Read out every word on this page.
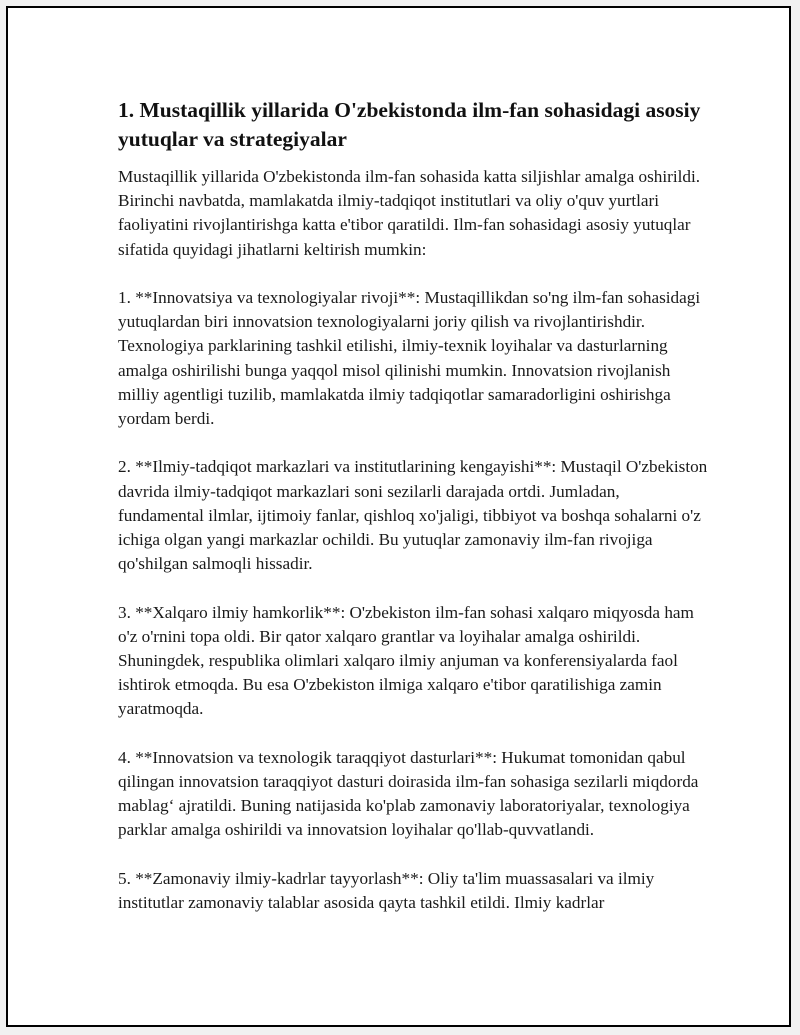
1. Mustaqillik yillarida O'zbekistonda ilm-fan sohasidagi asosiy yutuqlar va strategiyalar

Mustaqillik yillarida O'zbekistonda ilm-fan sohasida katta siljishlar amalga oshirildi. Birinchi navbatda, mamlakatda ilmiy-tadqiqot institutlari va oliy o'quv yurtlari faoliyatini rivojlantirishga katta e'tibor qaratildi. Ilm-fan sohasidagi asosiy yutuqlar sifatida quyidagi jihatlarni keltirish mumkin:

1. **Innovatsiya va texnologiyalar rivoji**: Mustaqillikdan so'ng ilm-fan sohasidagi yutuqlardan biri innovatsion texnologiyalarni joriy qilish va rivojlantirishdir. Texnologiya parklarining tashkil etilishi, ilmiy-texnik loyihalar va dasturlarning amalga oshirilishi bunga yaqqol misol qilinishi mumkin. Innovatsion rivojlanish milliy agentligi tuzilib, mamlakatda ilmiy tadqiqotlar samaradorligini oshirishga yordam berdi.

2. **Ilmiy-tadqiqot markazlari va institutlarining kengayishi**: Mustaqil O'zbekiston davrida ilmiy-tadqiqot markazlari soni sezilarli darajada ortdi. Jumladan, fundamental ilmlar, ijtimoiy fanlar, qishloq xo'jaligi, tibbiyot va boshqa sohalarni o'z ichiga olgan yangi markazlar ochildi. Bu yutuqlar zamonaviy ilm-fan rivojiga qo'shilgan salmoqli hissadir.

3. **Xalqaro ilmiy hamkorlik**: O'zbekiston ilm-fan sohasi xalqaro miqyosda ham o'z o'rnini topa oldi. Bir qator xalqaro grantlar va loyihalar amalga oshirildi. Shuningdek, respublika olimlari xalqaro ilmiy anjuman va konferensiyalarda faol ishtirok etmoqda. Bu esa O'zbekiston ilmiga xalqaro e'tibor qaratilishiga zamin yaratmoqda.

4. **Innovatsion va texnologik taraqqiyot dasturlari**: Hukumat tomonidan qabul qilingan innovatsion taraqqiyot dasturi doirasida ilm-fan sohasiga sezilarli miqdorda mablag‘ ajratildi. Buning natijasida ko'plab zamonaviy laboratoriyalar, texnologiya parklar amalga oshirildi va innovatsion loyihalar qo'llab-quvvatlandi.

5. **Zamonaviy ilmiy-kadrlar tayyorlash**: Oliy ta'lim muassasalari va ilmiy institutlar zamonaviy talablar asosida qayta tashkil etildi. Ilmiy kadrlar
